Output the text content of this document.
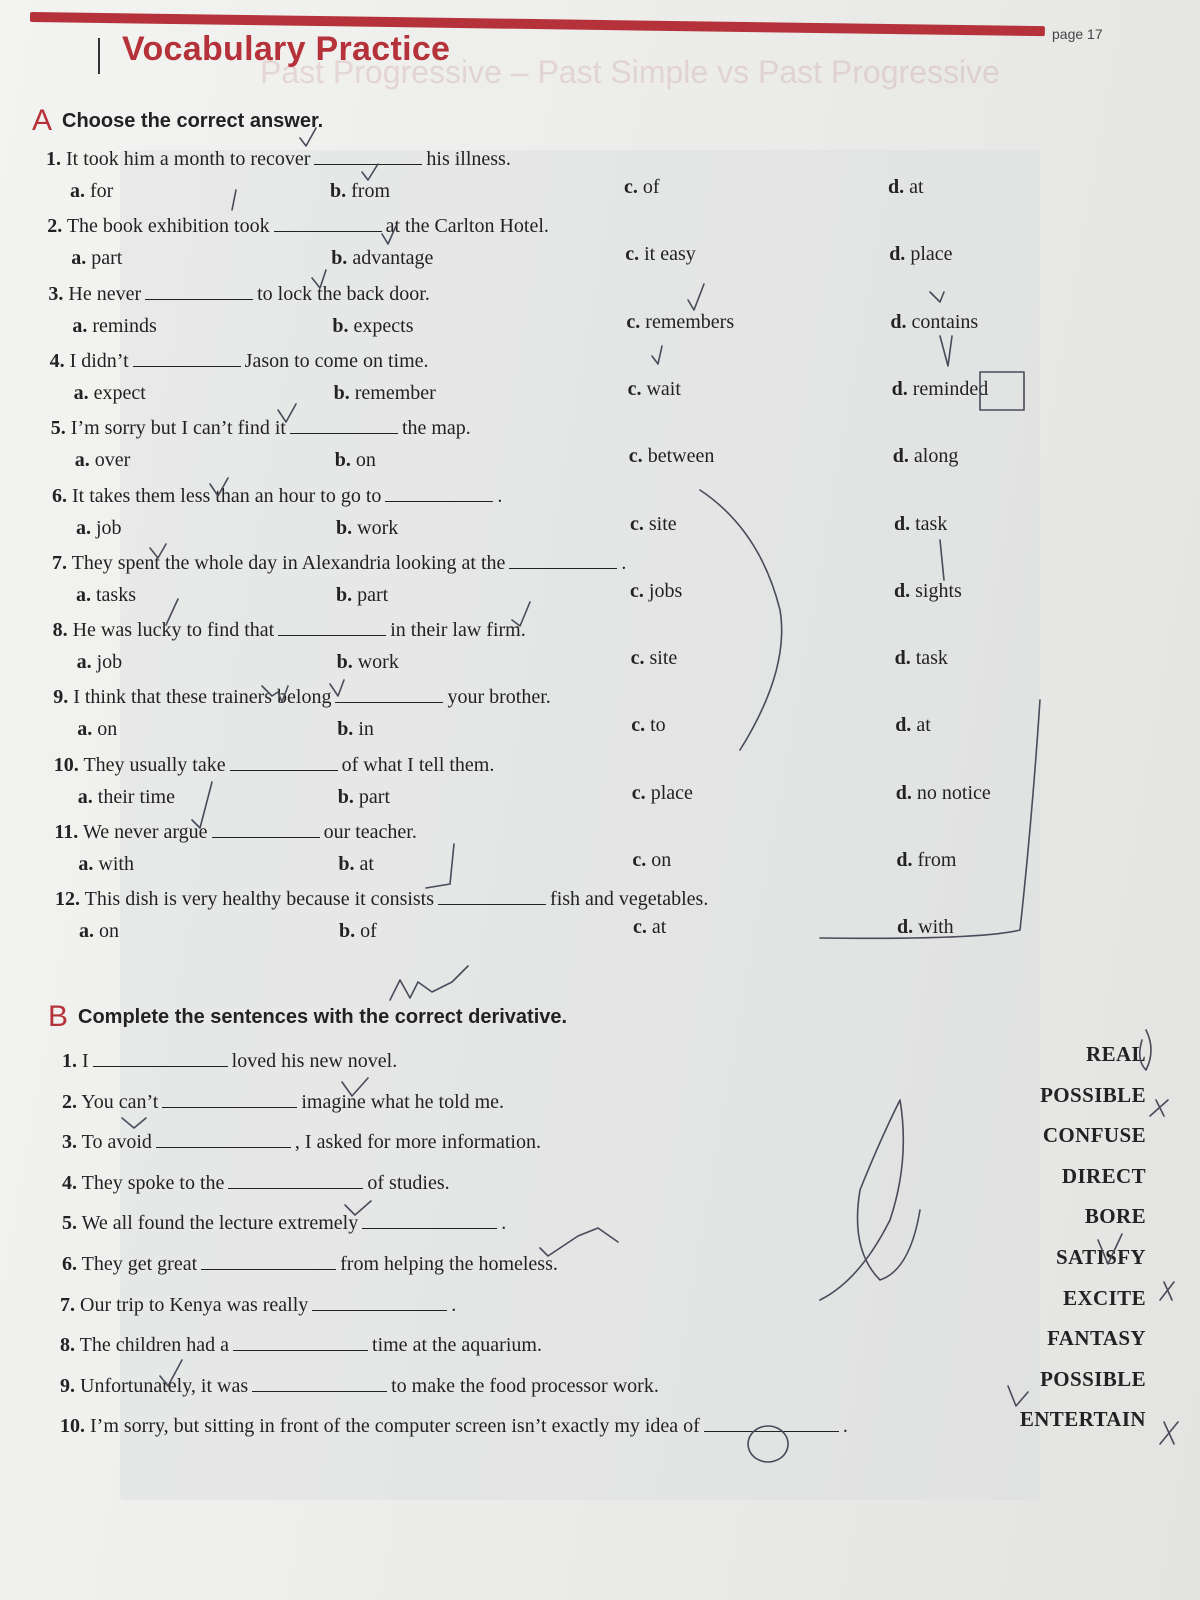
Past Progressive – Past Simple vs Past Progressive
Vocabulary Practice	page 17
A Choose the correct answer.
1. It took him a month to recover	his illness.
a. for	b. from	c. of	d. at
2. The book exhibition took	at the Carlton Hotel.
a. part	b. advantage	c. it easy	d. place
3. He never	to lock the back door.
a. reminds	b. expects	c. remembers	d. contains
4. I didn’t	Jason to come on time.
a. expect	b. remember	c. wait	d. reminded
5. I’m sorry but I can’t find it	the map.
a. over	b. on	c. between	d. along
6. It takes them less than an hour to go to	.
a. job	b. work	c. site	d. task
7. They spent the whole day in Alexandria looking at the	.
a. tasks	b. part	c. jobs	d. sights
8. He was lucky to find that	in their law firm.
a. job	b. work	c. site	d. task
9. I think that these trainers belong	your brother.
a. on	b. in	c. to	d. at
10. They usually take	of what I tell them.
a. their time	b. part	c. place	d. no notice
11. We never argue	our teacher.
a. with	b. at	c. on	d. from
12. This dish is very healthy because it consists	fish and vegetables.
a. on	b. of	c. at	d. with
B Complete the sentences with the correct derivative.
1. I	loved his new novel.	REAL
2. You can’t	imagine what he told me.	POSSIBLE
3. To avoid	, I asked for more information.	CONFUSE
4. They spoke to the	of studies.	DIRECT
5. We all found the lecture extremely	.	BORE
6. They get great	from helping the homeless.	SATISFY
7. Our trip to Kenya was really	.	EXCITE
8. The children had a	time at the aquarium.	FANTASY
9. Unfortunately, it was	to make the food processor work.	POSSIBLE
10. I’m sorry, but sitting in front of the computer screen isn’t exactly my idea of	.	ENTERTAIN
